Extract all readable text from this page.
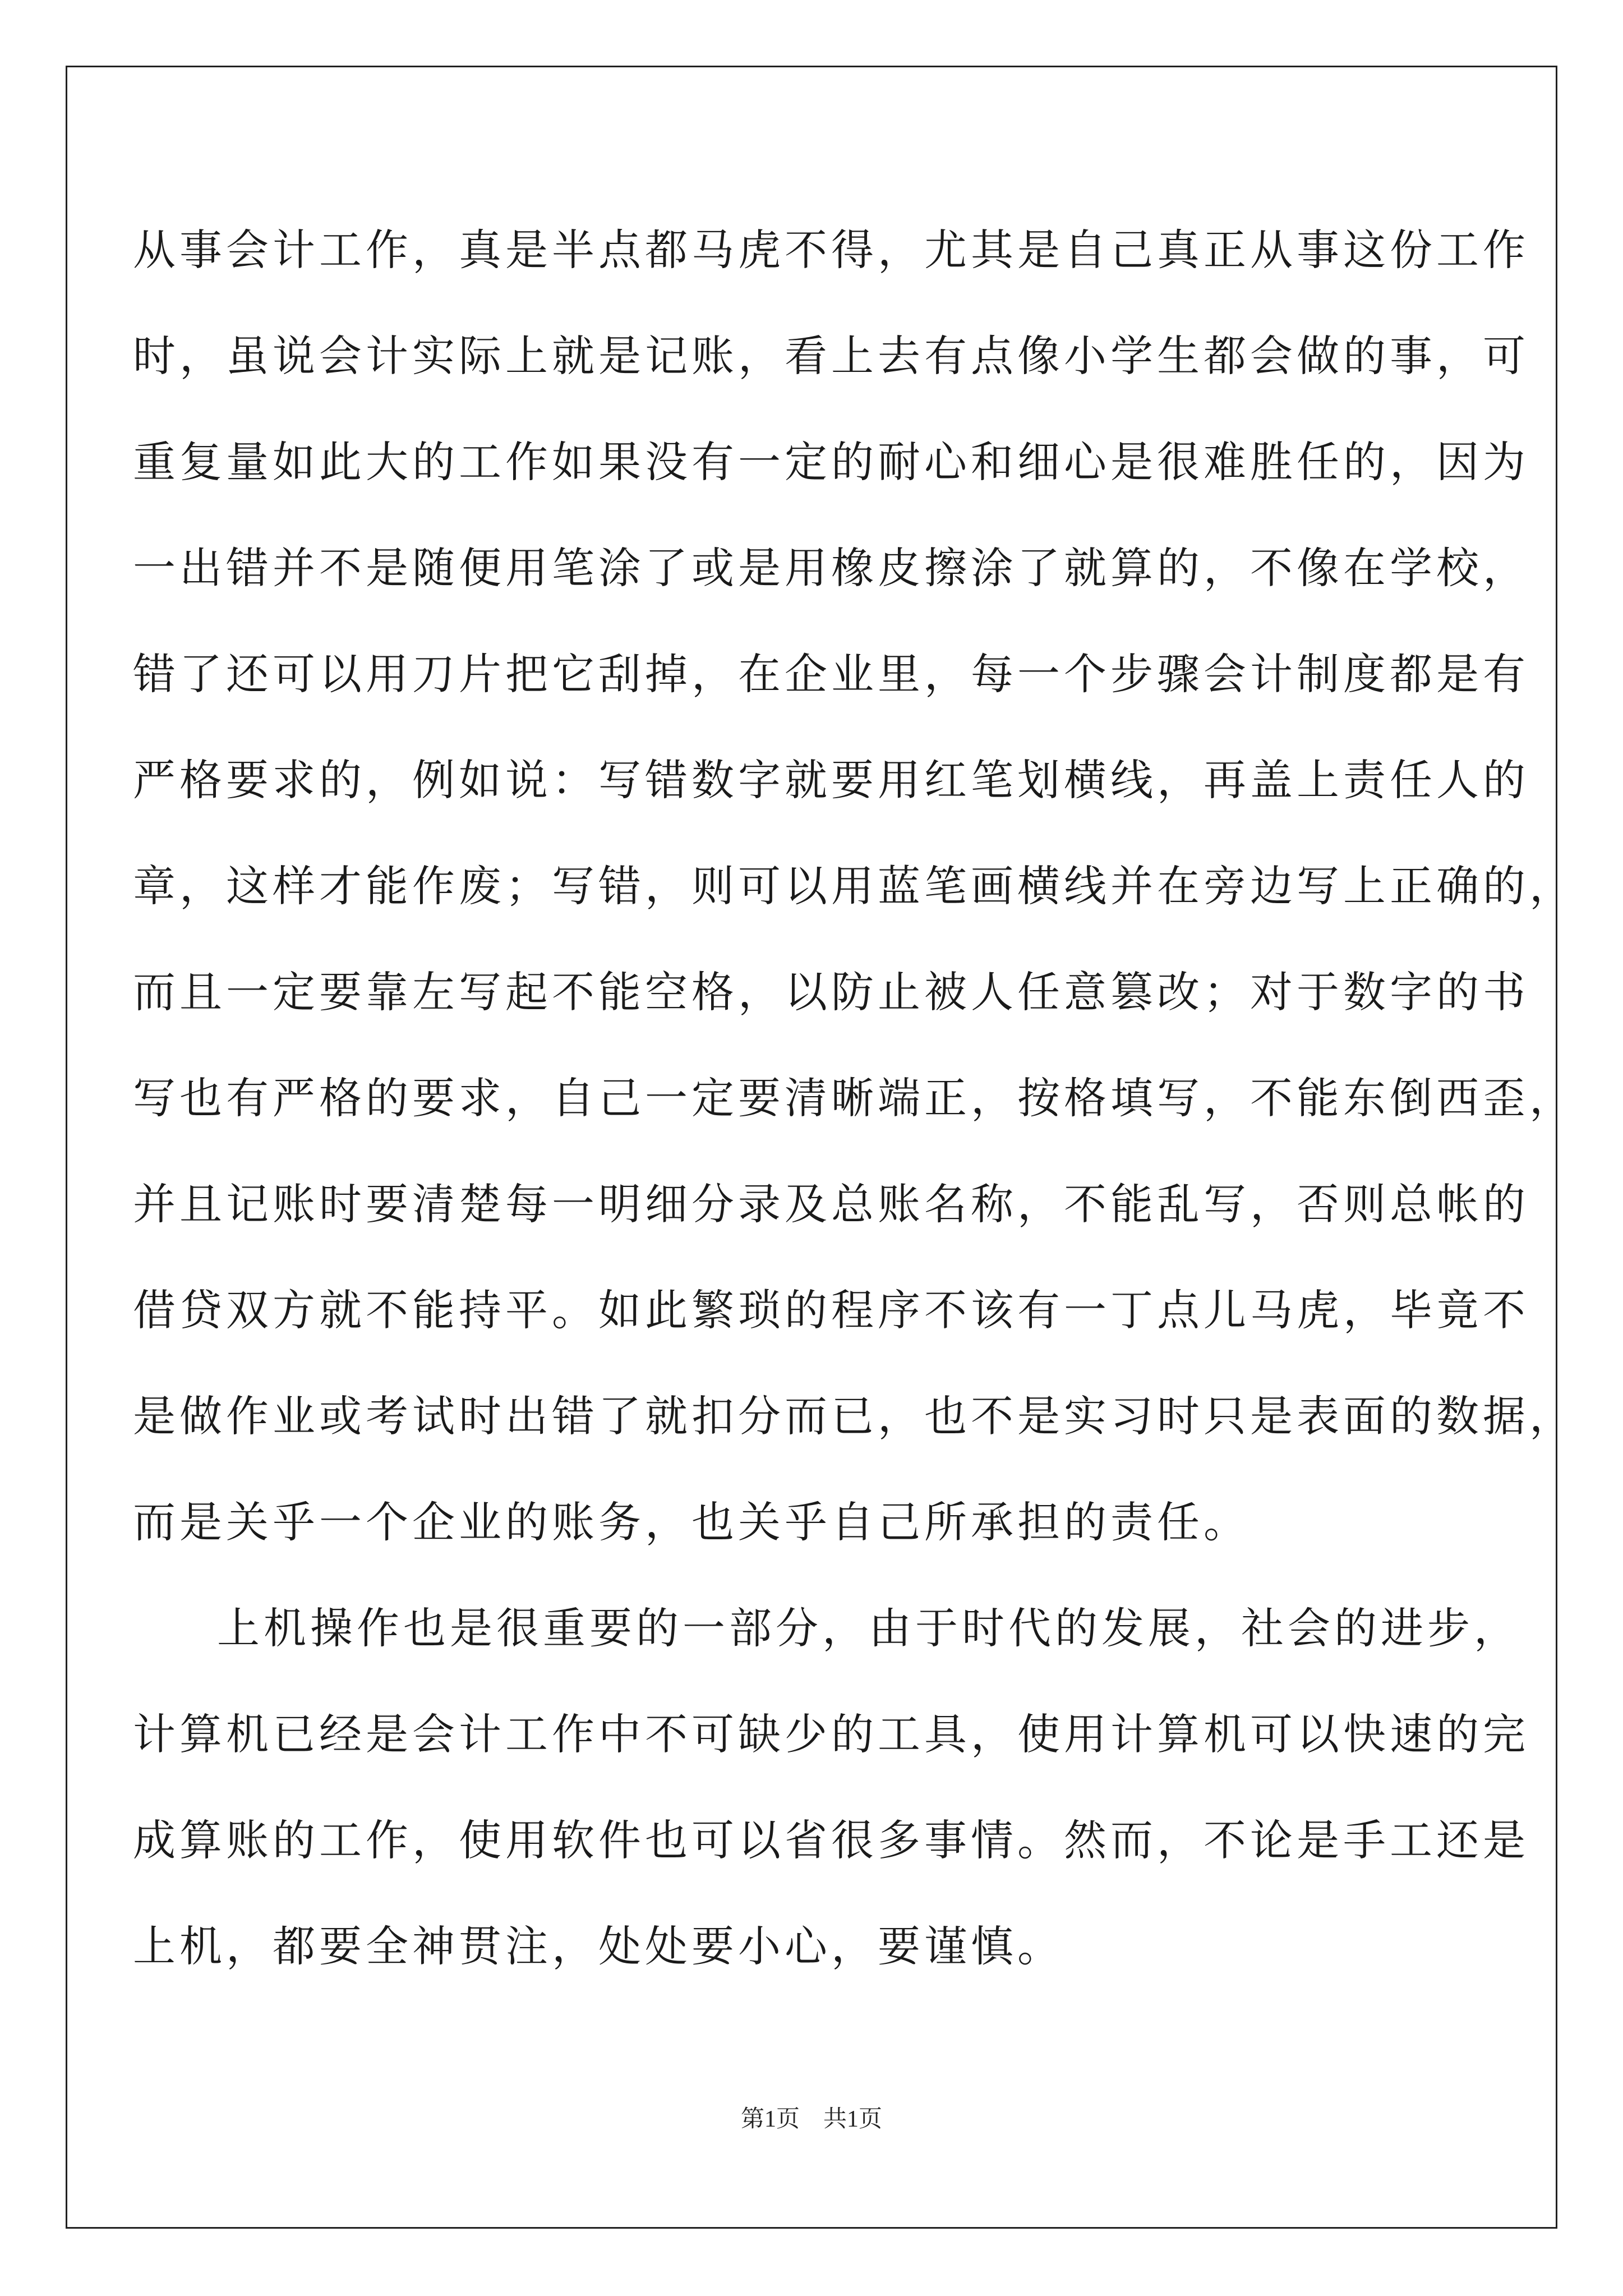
从事会计工作，真是半点都马虎不得，尤其是自己真正从事这份工作
时，虽说会计实际上就是记账，看上去有点像小学生都会做的事，可
重复量如此大的工作如果没有一定的耐心和细心是很难胜任的，因为
一出错并不是随便用笔涂了或是用橡皮擦涂了就算的，不像在学校，
错了还可以用刀片把它刮掉，在企业里，每一个步骤会计制度都是有
严格要求的，例如说：写错数字就要用红笔划横线，再盖上责任人的
章，这样才能作废；写错，则可以用蓝笔画横线并在旁边写上正确的，
而且一定要靠左写起不能空格，以防止被人任意篡改；对于数字的书
写也有严格的要求，自己一定要清晰端正，按格填写，不能东倒西歪，
并且记账时要清楚每一明细分录及总账名称，不能乱写，否则总帐的
借贷双方就不能持平。如此繁琐的程序不该有一丁点儿马虎，毕竟不
是做作业或考试时出错了就扣分而已，也不是实习时只是表面的数据，
而是关乎一个企业的账务，也关乎自己所承担的责任。
上机操作也是很重要的一部分，由于时代的发展，社会的进步，
计算机已经是会计工作中不可缺少的工具，使用计算机可以快速的完
成算账的工作，使用软件也可以省很多事情。然而，不论是手工还是
上机，都要全神贯注，处处要小心，要谨慎。
第1页　共1页
